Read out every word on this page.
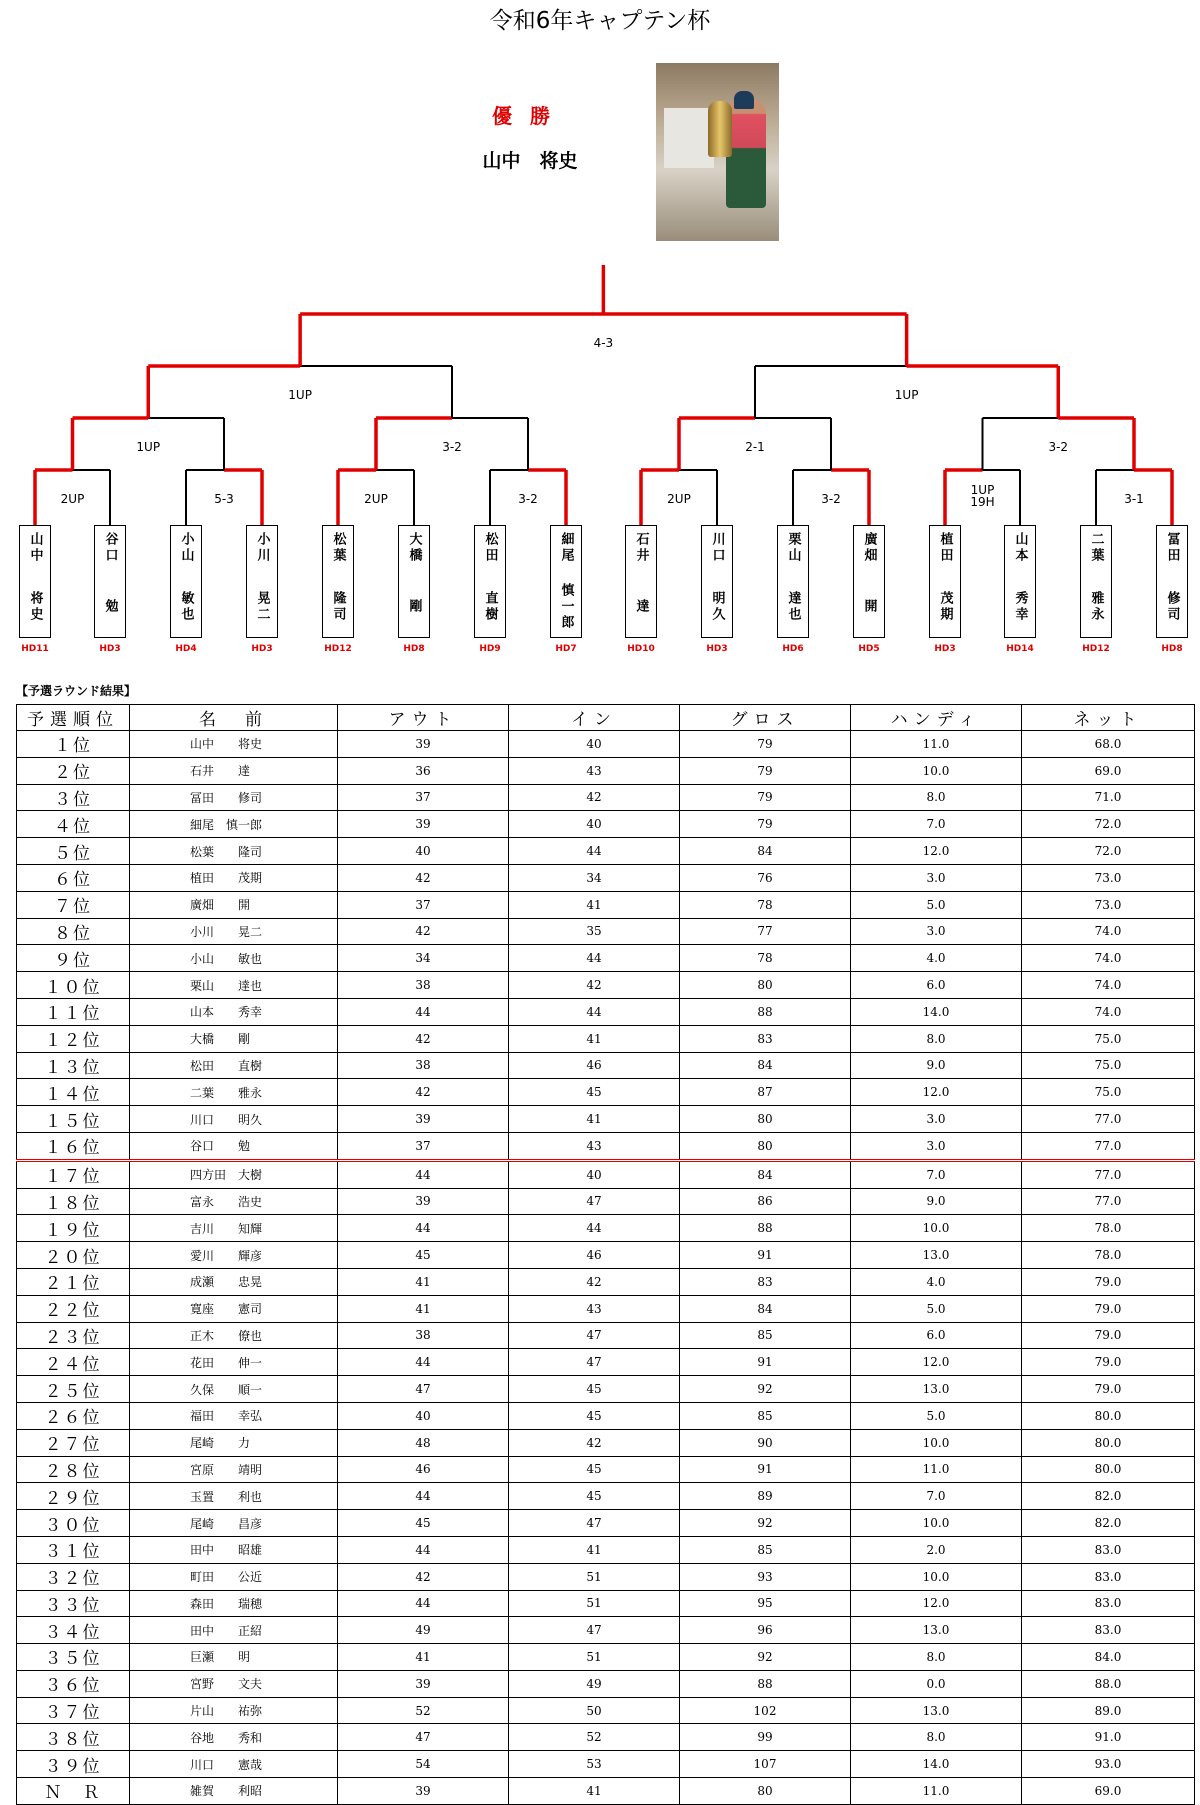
令和6年キャプテン杯
優勝
山中　将史
4-3
1UP	1UP
1UP	3-2	2-1	3-2
2UP	5-3	2UP	3-2	2UP	3-2
1UP
19H	3-1
山中
将史
HD11
谷口
勉
HD3
小山
敏也
HD4
小川
晃二
HD3
松葉
隆司
HD12
大橋
剛
HD8
松田
直樹
HD9
細尾
慎一郎
HD7
石井
達
HD10
川口
明久
HD3
栗山
達也
HD6
廣畑
開
HD5
植田
茂期
HD3
山本
秀幸
HD14
二葉
雅永
HD12
冨田
修司
HD8
【予選ラウンド結果】
予選順位	名　前	アウト	イン	グロス	ハンディ	ネット
１位	山中　　将史	39	40	79	11.0	68.0
２位	石井　　達	36	43	79	10.0	69.0
３位	冨田　　修司	37	42	79	8.0	71.0
４位	細尾　慎一郎	39	40	79	7.0	72.0
５位	松葉　　隆司	40	44	84	12.0	72.0
６位	植田　　茂期	42	34	76	3.0	73.0
７位	廣畑　　開	37	41	78	5.0	73.0
８位	小川　　晃二	42	35	77	3.0	74.0
９位	小山　　敏也	34	44	78	4.0	74.0
１０位	栗山　　達也	38	42	80	6.0	74.0
１１位	山本　　秀幸	44	44	88	14.0	74.0
１２位	大橋　　剛	42	41	83	8.0	75.0
１３位	松田　　直樹	38	46	84	9.0	75.0
１４位	二葉　　雅永	42	45	87	12.0	75.0
１５位	川口　　明久	39	41	80	3.0	77.0
１６位	谷口　　勉	37	43	80	3.0	77.0
１７位	四方田　大樹	44	40	84	7.0	77.0
１８位	富永　　浩史	39	47	86	9.0	77.0
１９位	吉川　　知輝	44	44	88	10.0	78.0
２０位	愛川　　輝彦	45	46	91	13.0	78.0
２１位	成瀬　　忠晃	41	42	83	4.0	79.0
２２位	寛座　　憲司	41	43	84	5.0	79.0
２３位	正木　　僚也	38	47	85	6.0	79.0
２４位	花田　　伸一	44	47	91	12.0	79.0
２５位	久保　　順一	47	45	92	13.0	79.0
２６位	福田　　幸弘	40	45	85	5.0	80.0
２７位	尾崎　　力	48	42	90	10.0	80.0
２８位	宮原　　靖明	46	45	91	11.0	80.0
２９位	玉置　　利也	44	45	89	7.0	82.0
３０位	尾崎　　昌彦	45	47	92	10.0	82.0
３１位	田中　　昭雄	44	41	85	2.0	83.0
３２位	町田　　公近	42	51	93	10.0	83.0
３３位	森田　　瑞穂	44	51	95	12.0	83.0
３４位	田中　　正紹	49	47	96	13.0	83.0
３５位	巨瀬　　明	41	51	92	8.0	84.0
３６位	宮野　　文夫	39	49	88	0.0	88.0
３７位	片山　　祐弥	52	50	102	13.0	89.0
３８位	谷地　　秀和	47	52	99	8.0	91.0
３９位	川口　　憲哉	54	53	107	14.0	93.0
Ｎ　Ｒ	雑賀　　利昭	39	41	80	11.0	69.0
